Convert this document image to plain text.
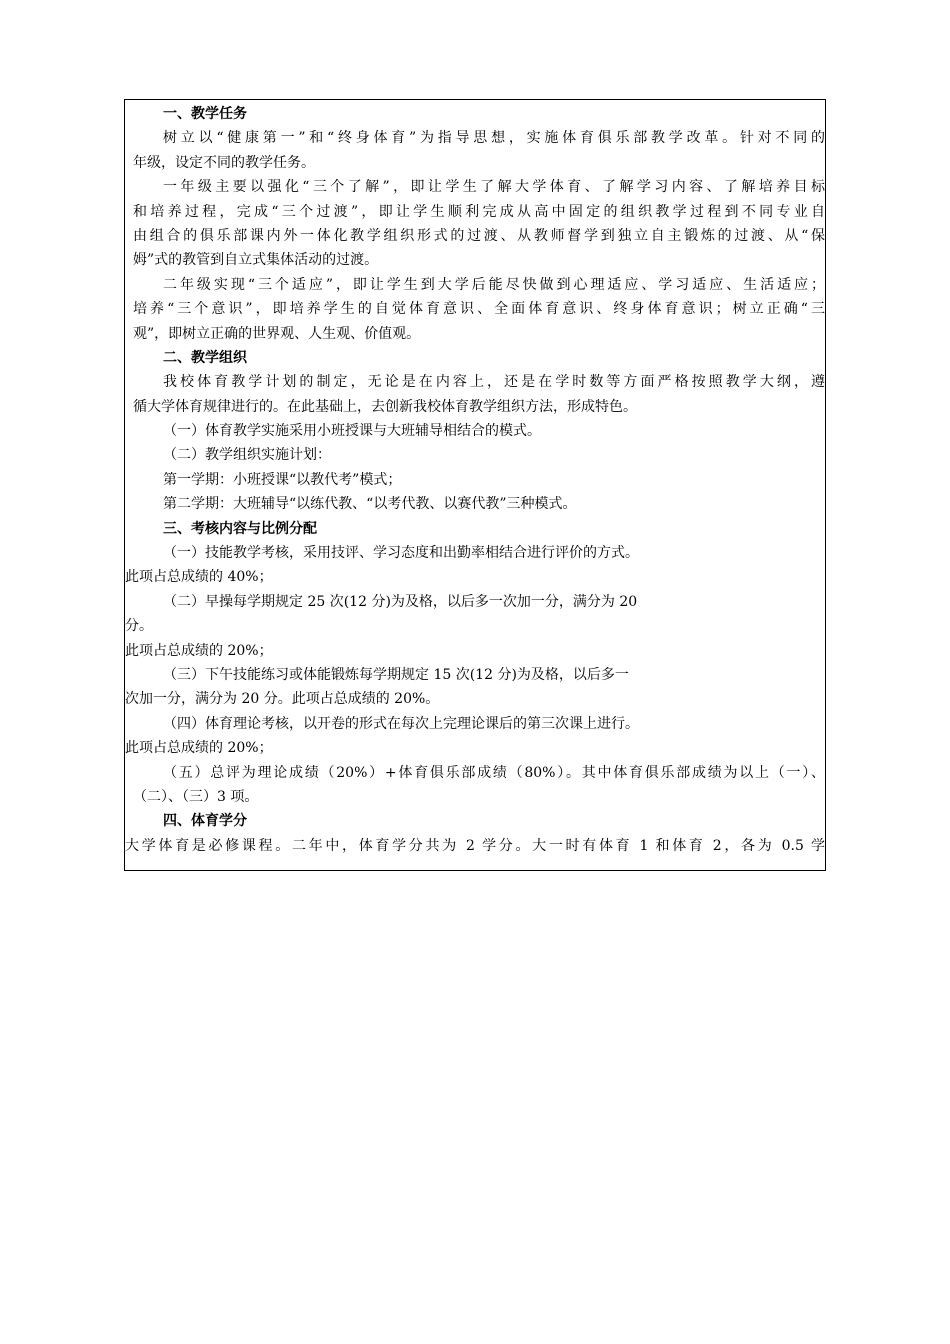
一、教学任务
树立以“健康第一”和“终身体育”为指导思想，实施体育俱乐部教学改革。针对不同的
年级，设定不同的教学任务。
一年级主要以强化“三个了解”，即让学生了解大学体育、了解学习内容、了解培养目标
和培养过程，完成“三个过渡”，即让学生顺利完成从高中固定的组织教学过程到不同专业自
由组合的俱乐部课内外一体化教学组织形式的过渡、从教师督学到独立自主锻炼的过渡、从“保
姆”式的教管到自立式集体活动的过渡。
二年级实现“三个适应”，即让学生到大学后能尽快做到心理适应、学习适应、生活适应；
培养“三个意识”，即培养学生的自觉体育意识、全面体育意识、终身体育意识；树立正确“三
观”，即树立正确的世界观、人生观、价值观。
二、教学组织
我校体育教学计划的制定，无论是在内容上，还是在学时数等方面严格按照教学大纲，遵
循大学体育规律进行的。在此基础上，去创新我校体育教学组织方法，形成特色。
（一）体育教学实施采用小班授课与大班辅导相结合的模式。
（二）教学组织实施计划：
第一学期：小班授课“以教代考”模式；
第二学期：大班辅导“以练代教、“以考代教、以赛代教”三种模式。
三、考核内容与比例分配
（一）技能教学考核，采用技评、学习态度和出勤率相结合进行评价的方式。
此项占总成绩的 40%；
（二）早操每学期规定 25 次(12 分)为及格，以后多一次加一分，满分为 20
分。
此项占总成绩的 20%；
（三）下午技能练习或体能锻炼每学期规定 15 次(12 分)为及格，以后多一
次加一分，满分为 20 分。此项占总成绩的 20%。
（四）体育理论考核，以开卷的形式在每次上完理论课后的第三次课上进行。
此项占总成绩的 20%；
（五）总评为理论成绩（20%）+体育俱乐部成绩（80%）。其中体育俱乐部成绩为以上（一）、
（二）、（三）3 项。
四、体育学分
大学体育是必修课程。二年中，体育学分共为 2 学分。大一时有体育 1 和体育 2，各为 0.5 学
